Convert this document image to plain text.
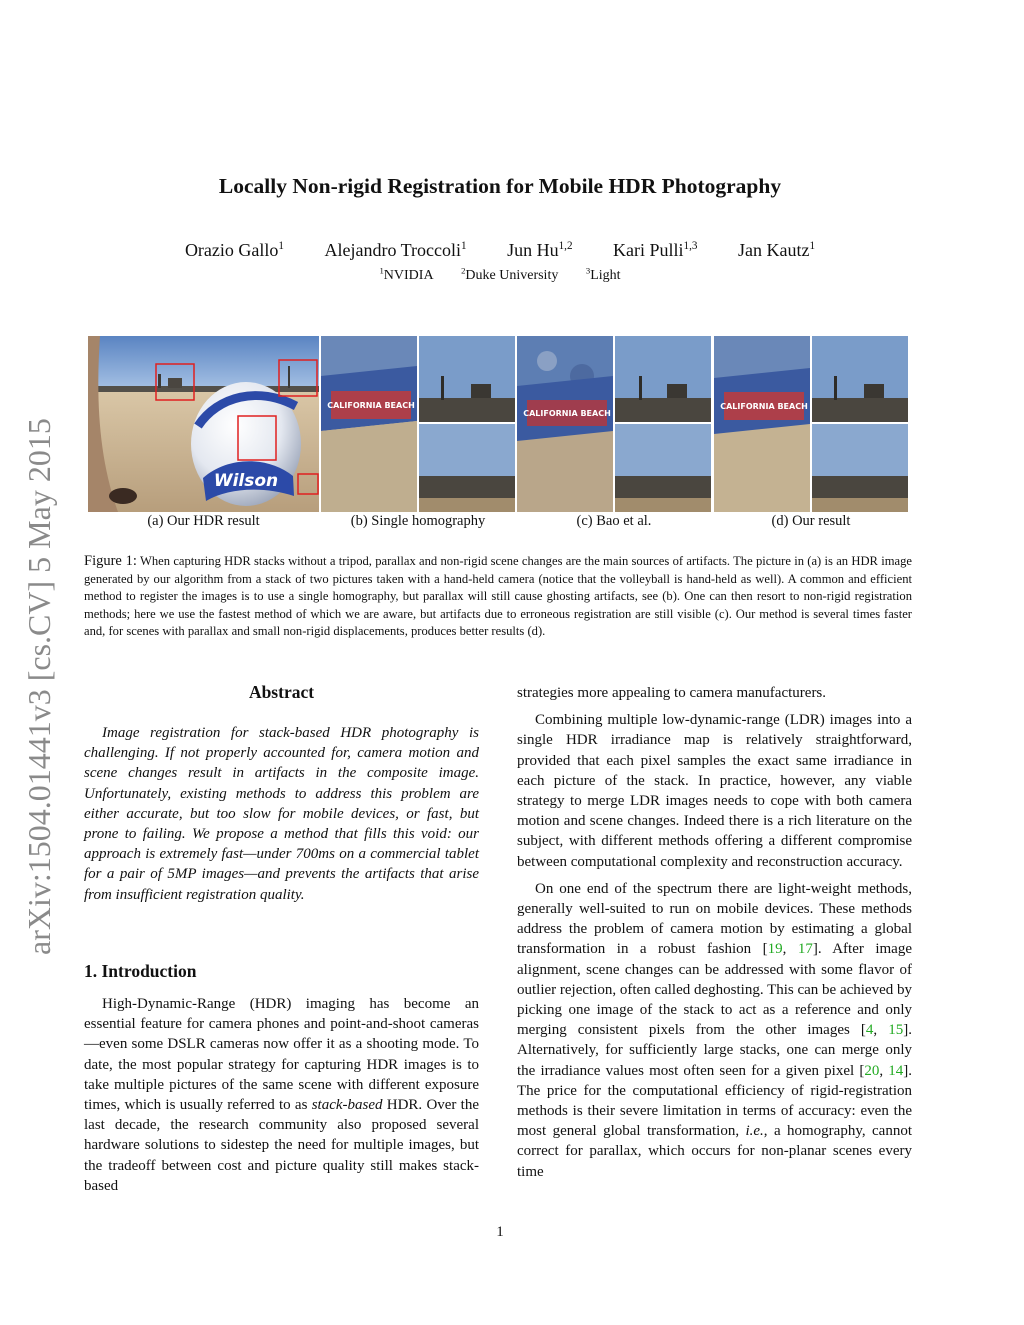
Locally Non-rigid Registration for Mobile HDR Photography
Orazio Gallo$^1$ Alejandro Troccoli$^1$ Jun Hu$^{1,2}$ Kari Pulli$^{1,3}$ Jan Kautz$^1$
$^1$NVIDIA	$^2$Duke University	$^3$Light
arXiv:1504.01441v3 [cs.CV] 5 May 2015	Wilson
CALIFORNIA BEACH
CALIFORNIA BEACH
CALIFORNIA BEACH
(a) Our HDR result	(b) Single homography	(c) Bao et al.	(d) Our result
Figure 1: When capturing HDR stacks without a tripod, parallax and non-rigid scene changes are the main sources of artifacts. The picture in (a) is an HDR image generated by our algorithm from a stack of two pictures taken with a hand-held camera (notice that the volleyball is hand-held as well). A common and efficient method to register the images is to use a single homography, but parallax will still cause ghosting artifacts, see (b). One can then resort to non-rigid registration methods; here we use the fastest method of which we are aware, but artifacts due to erroneous registration are still visible (c). Our method is several times faster and, for scenes with parallax and small non-rigid displacements, produces better results (d).
Abstract

Image registration for stack-based HDR photography is challenging. If not properly accounted for, camera motion and scene changes result in artifacts in the composite image. Unfortunately, existing methods to address this problem are either accurate, but too slow for mobile devices, or fast, but prone to failing. We propose a method that fills this void: our approach is extremely fast—under 700ms on a commercial tablet for a pair of 5MP images—and prevents the artifacts that arise from insufficient registration quality.

1. Introduction

High-Dynamic-Range (HDR) imaging has become an essential feature for camera phones and point-and-shoot cameras—even some DSLR cameras now offer it as a shooting mode. To date, the most popular strategy for capturing HDR images is to take multiple pictures of the same scene with different exposure times, which is usually referred to as stack-based HDR. Over the last decade, the research community also proposed several hardware solutions to sidestep the need for multiple images, but the tradeoff between cost and picture quality still makes stack-based

strategies more appealing to camera manufacturers.

Combining multiple low-dynamic-range (LDR) images into a single HDR irradiance map is relatively straightforward, provided that each pixel samples the exact same irradiance in each picture of the stack. In practice, however, any viable strategy to merge LDR images needs to cope with both camera motion and scene changes. Indeed there is a rich literature on the subject, with different methods offering a different compromise between computational complexity and reconstruction accuracy.

On one end of the spectrum there are light-weight methods, generally well-suited to run on mobile devices. These methods address the problem of camera motion by estimating a global transformation in a robust fashion [19, 17]. After image alignment, scene changes can be addressed with some flavor of outlier rejection, often called deghosting. This can be achieved by picking one image of the stack to act as a reference and only merging consistent pixels from the other images [4, 15]. Alternatively, for sufficiently large stacks, one can merge only the irradiance values most often seen for a given pixel [20, 14]. The price for the computational efficiency of rigid-registration methods is their severe limitation in terms of accuracy: even the most general global transformation, i.e., a homography, cannot correct for parallax, which occurs for non-planar scenes every time

1
